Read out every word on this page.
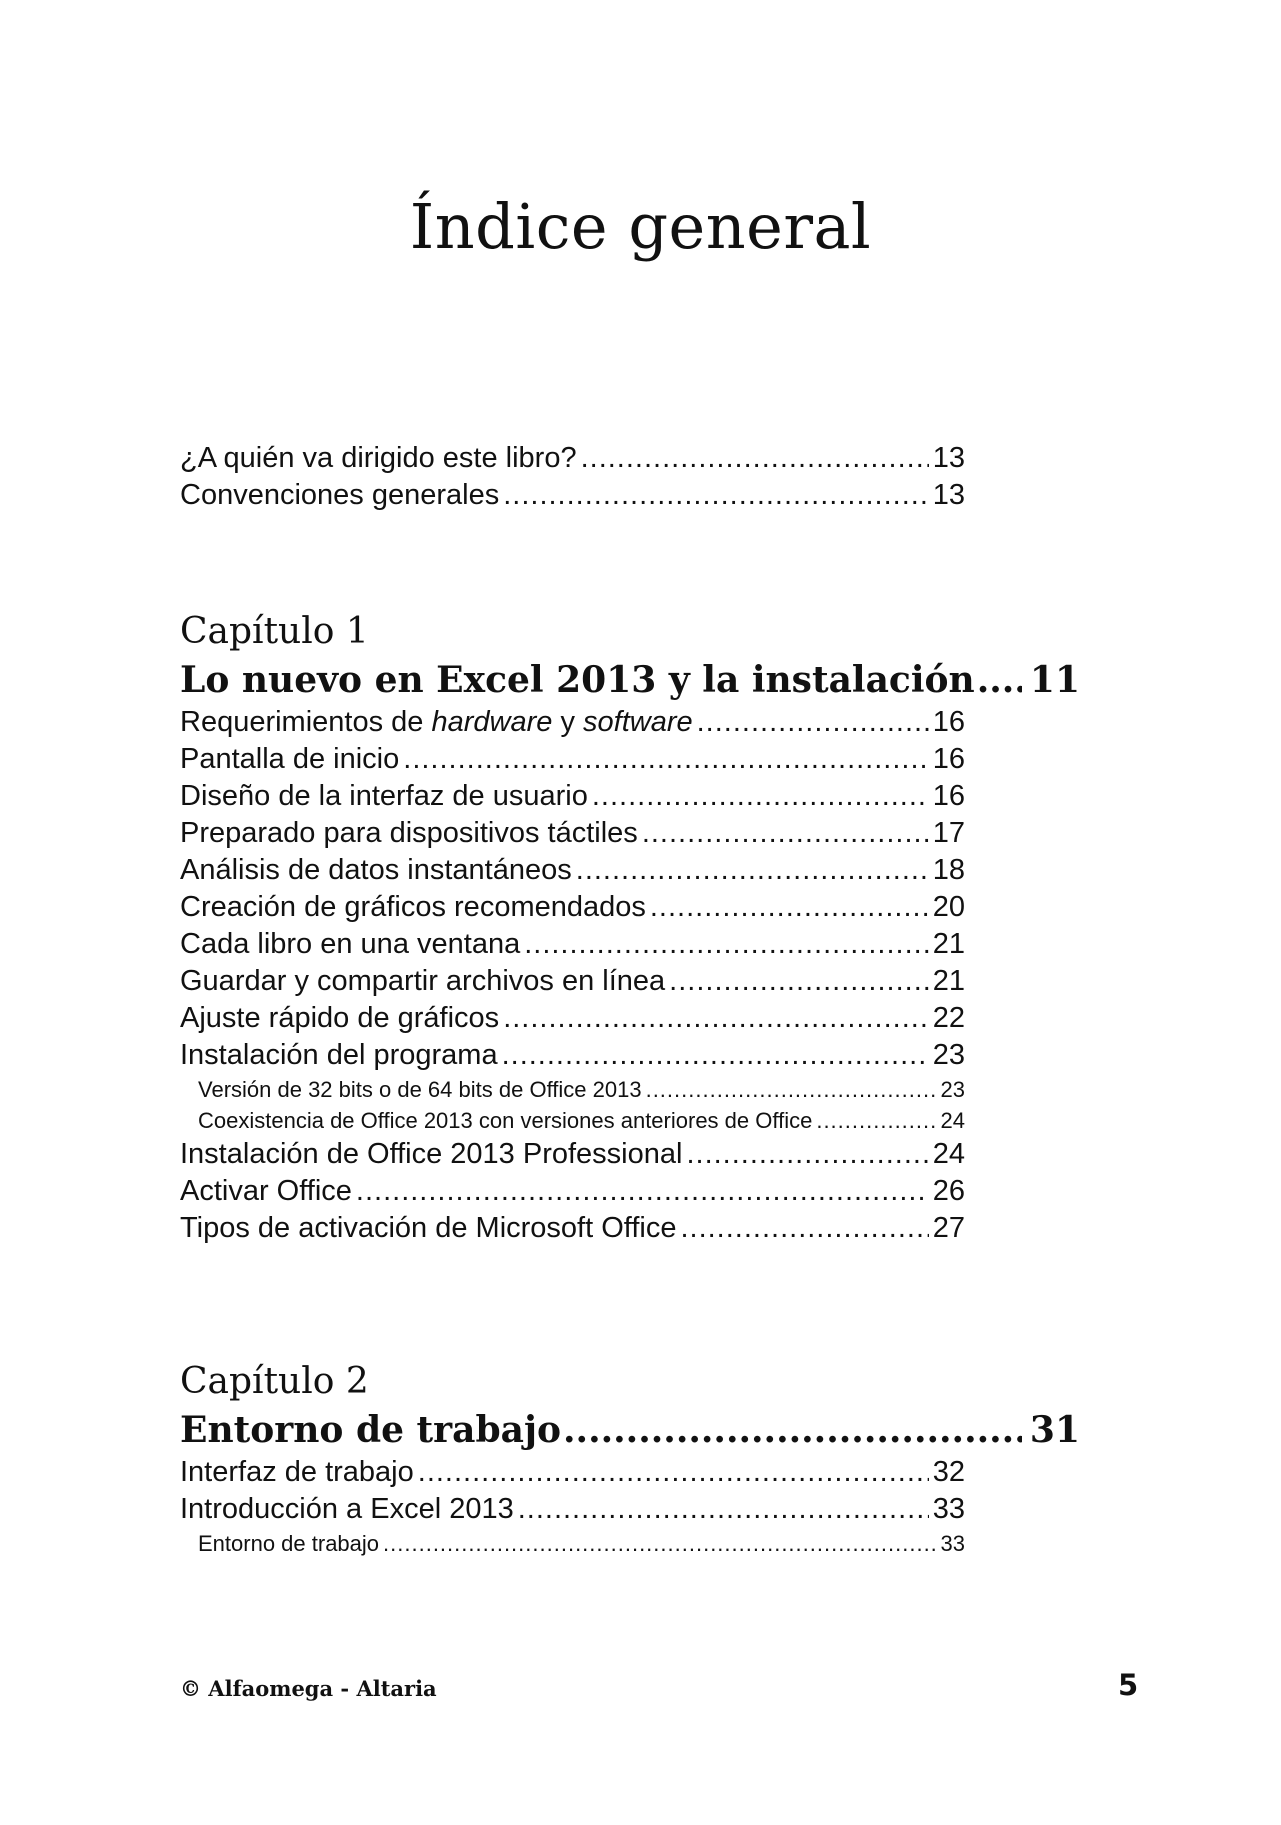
Índice general
¿A quién va dirigido este libro? .....	13
Convenciones generales .....	13
Capítulo 1
Lo nuevo en Excel 2013 y la instalación ..... 11
Requerimientos de hardware y software .....	16
Pantalla de inicio .....	16
Diseño de la interfaz de usuario .....	16
Preparado para dispositivos táctiles .....	17
Análisis de datos instantáneos .....	18
Creación de gráficos recomendados .....	20
Cada libro en una ventana .....	21
Guardar y compartir archivos en línea .....	21
Ajuste rápido de gráficos .....	22
Instalación del programa .....	23
Versión de 32 bits o de 64 bits de Office 2013 .....	23
Coexistencia de Office 2013 con versiones anteriores de Office .....	24
Instalación de Office 2013 Professional .....	24
Activar Office .....	26
Tipos de activación de Microsoft Office .....	27
Capítulo 2
Entorno de trabajo .....	31
Interfaz de trabajo .....	32
Introducción a Excel 2013 .....	33
Entorno de trabajo .....	33
© Alfaomega - Altaria	5
